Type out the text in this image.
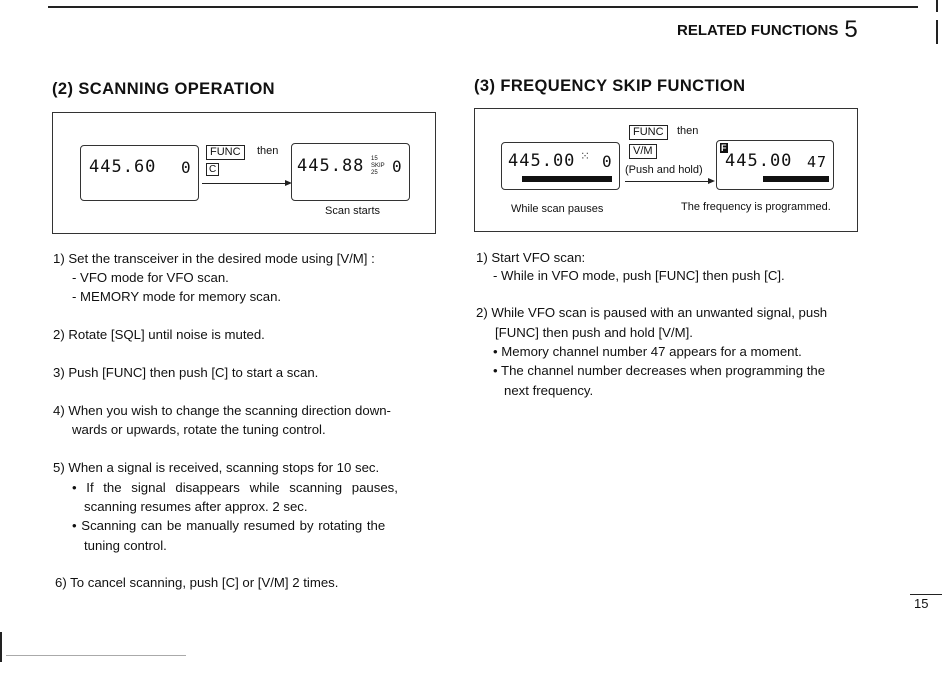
RELATED FUNCTIONS 5
(2) SCANNING OPERATION
445.60 0
FUNC	then
C	445.88 15
SKIP
25 0
Scan starts
1) Set the transceiver in the desired mode using [V/M] :
- VFO mode for VFO scan.
- MEMORY mode for memory scan.
2) Rotate [SQL] until noise is muted.
3) Push [FUNC] then push [C] to start a scan.
4) When you wish to change the scanning direction down-
wards or upwards, rotate the tuning control.
5) When a signal is received, scanning stops for 10 sec.
• If the signal disappears while scanning pauses,
scanning resumes after approx. 2 sec.
• Scanning can be manually resumed by rotating the
tuning control.
6) To cancel scanning, push [C] or [V/M] 2 times.
(3) FREQUENCY SKIP FUNCTION
445.00 ⁙ 0
FUNC	then
V/M
(Push and hold)
F
445.00 47
While scan pauses	The frequency is programmed.
1) Start VFO scan:
- While in VFO mode, push [FUNC] then push [C].
2) While VFO scan is paused with an unwanted signal, push
[FUNC] then push and hold [V/M].
• Memory channel number 47 appears for a moment.
• The channel number decreases when programming the
next frequency.
15
